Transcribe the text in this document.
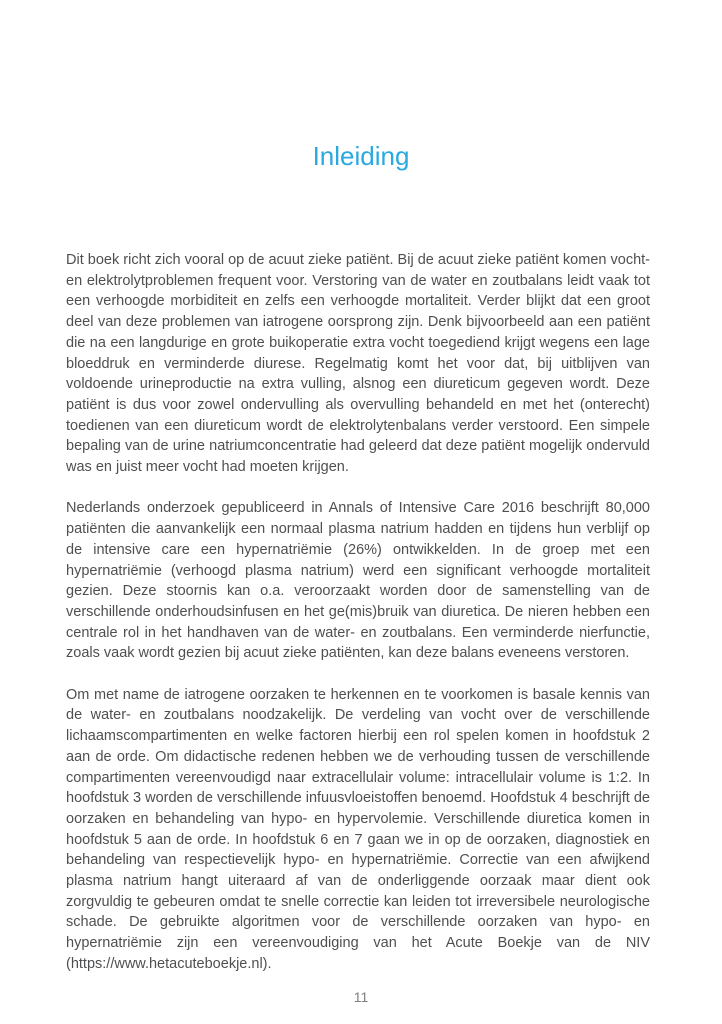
Inleiding

Dit boek richt zich vooral op de acuut zieke patiënt. Bij de acuut zieke patiënt komen vocht- en elektrolytproblemen frequent voor. Verstoring van de water en zoutbalans leidt vaak tot een verhoogde morbiditeit en zelfs een verhoogde mortaliteit. Verder blijkt dat een groot deel van deze problemen van iatrogene oorsprong zijn. Denk bijvoorbeeld aan een patiënt die na een langdurige en grote buikoperatie extra vocht toegediend krijgt wegens een lage bloeddruk en verminderde diurese. Regelmatig komt het voor dat, bij uitblijven van voldoende urineproductie na extra vulling, alsnog een diureticum gegeven wordt. Deze patiënt is dus voor zowel ondervulling als overvulling behandeld en met het (onterecht) toedienen van een diureticum wordt de elektrolytenbalans verder verstoord. Een simpele bepaling van de urine natriumconcentratie had geleerd dat deze patiënt mogelijk ondervuld was en juist meer vocht had moeten krijgen.

Nederlands onderzoek gepubliceerd in Annals of Intensive Care 2016 beschrijft 80,000 patiënten die aanvankelijk een normaal plasma natrium hadden en tijdens hun verblijf op de intensive care een hypernatriëmie (26%) ontwikkelden. In de groep met een hypernatriëmie (verhoogd plasma natrium) werd een significant verhoogde mortaliteit gezien. Deze stoornis kan o.a. veroorzaakt worden door de samenstelling van de verschillende onderhoudsinfusen en het ge(mis)bruik van diuretica. De nieren hebben een centrale rol in het handhaven van de water- en zoutbalans. Een verminderde nierfunctie, zoals vaak wordt gezien bij acuut zieke patiënten, kan deze balans eveneens verstoren.

Om met name de iatrogene oorzaken te herkennen en te voorkomen is basale kennis van de water- en zoutbalans noodzakelijk. De verdeling van vocht over de verschillende lichaamscompartimenten en welke factoren hierbij een rol spelen komen in hoofdstuk 2 aan de orde. Om didactische redenen hebben we de verhouding tussen de verschillende compartimenten vereenvoudigd naar extracellulair volume: intracellulair volume is 1:2. In hoofdstuk 3 worden de verschillende infuusvloeistoffen benoemd. Hoofdstuk 4 beschrijft de oorzaken en behandeling van hypo- en hypervolemie. Verschillende diuretica komen in hoofdstuk 5 aan de orde. In hoofdstuk 6 en 7 gaan we in op de oorzaken, diagnostiek en behandeling van respectievelijk hypo- en hypernatriëmie. Correctie van een afwijkend plasma natrium hangt uiteraard af van de onderliggende oorzaak maar dient ook zorgvuldig te gebeuren omdat te snelle correctie kan leiden tot irreversibele neurologische schade. De gebruikte algoritmen voor de verschillende oorzaken van hypo- en hypernatriëmie zijn een vereenvoudiging van het Acute Boekje van de NIV (https://www.hetacuteboekje.nl).

11
